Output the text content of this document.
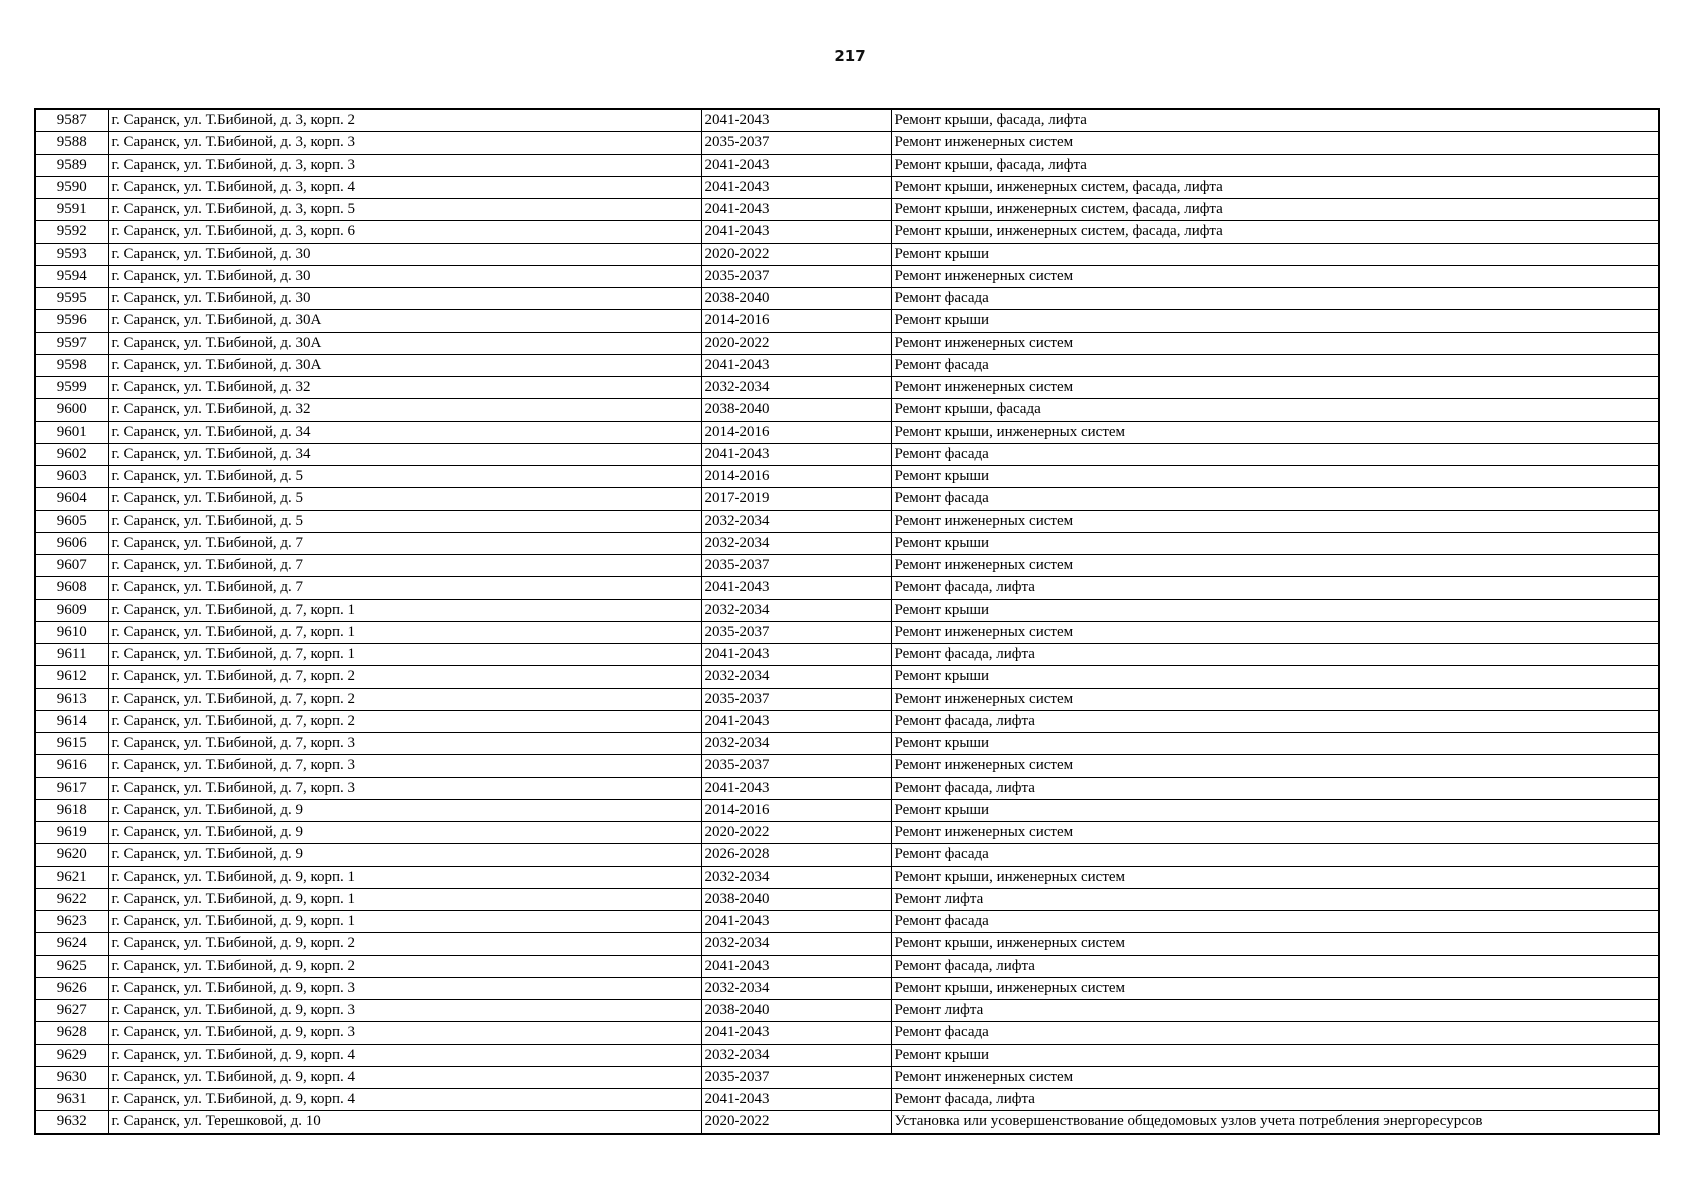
217
9587	г. Саранск, ул. Т.Бибиной, д. 3, корп. 2	2041-2043	Ремонт крыши, фасада, лифта
9588	г. Саранск, ул. Т.Бибиной, д. 3, корп. 3	2035-2037	Ремонт инженерных систем
9589	г. Саранск, ул. Т.Бибиной, д. 3, корп. 3	2041-2043	Ремонт крыши, фасада, лифта
9590	г. Саранск, ул. Т.Бибиной, д. 3, корп. 4	2041-2043	Ремонт крыши, инженерных систем, фасада, лифта
9591	г. Саранск, ул. Т.Бибиной, д. 3, корп. 5	2041-2043	Ремонт крыши, инженерных систем, фасада, лифта
9592	г. Саранск, ул. Т.Бибиной, д. 3, корп. 6	2041-2043	Ремонт крыши, инженерных систем, фасада, лифта
9593	г. Саранск, ул. Т.Бибиной, д. 30	2020-2022	Ремонт крыши
9594	г. Саранск, ул. Т.Бибиной, д. 30	2035-2037	Ремонт инженерных систем
9595	г. Саранск, ул. Т.Бибиной, д. 30	2038-2040	Ремонт фасада
9596	г. Саранск, ул. Т.Бибиной, д. 30А	2014-2016	Ремонт крыши
9597	г. Саранск, ул. Т.Бибиной, д. 30А	2020-2022	Ремонт инженерных систем
9598	г. Саранск, ул. Т.Бибиной, д. 30А	2041-2043	Ремонт фасада
9599	г. Саранск, ул. Т.Бибиной, д. 32	2032-2034	Ремонт инженерных систем
9600	г. Саранск, ул. Т.Бибиной, д. 32	2038-2040	Ремонт крыши, фасада
9601	г. Саранск, ул. Т.Бибиной, д. 34	2014-2016	Ремонт крыши, инженерных систем
9602	г. Саранск, ул. Т.Бибиной, д. 34	2041-2043	Ремонт фасада
9603	г. Саранск, ул. Т.Бибиной, д. 5	2014-2016	Ремонт крыши
9604	г. Саранск, ул. Т.Бибиной, д. 5	2017-2019	Ремонт фасада
9605	г. Саранск, ул. Т.Бибиной, д. 5	2032-2034	Ремонт инженерных систем
9606	г. Саранск, ул. Т.Бибиной, д. 7	2032-2034	Ремонт крыши
9607	г. Саранск, ул. Т.Бибиной, д. 7	2035-2037	Ремонт инженерных систем
9608	г. Саранск, ул. Т.Бибиной, д. 7	2041-2043	Ремонт фасада, лифта
9609	г. Саранск, ул. Т.Бибиной, д. 7, корп. 1	2032-2034	Ремонт крыши
9610	г. Саранск, ул. Т.Бибиной, д. 7, корп. 1	2035-2037	Ремонт инженерных систем
9611	г. Саранск, ул. Т.Бибиной, д. 7, корп. 1	2041-2043	Ремонт фасада, лифта
9612	г. Саранск, ул. Т.Бибиной, д. 7, корп. 2	2032-2034	Ремонт крыши
9613	г. Саранск, ул. Т.Бибиной, д. 7, корп. 2	2035-2037	Ремонт инженерных систем
9614	г. Саранск, ул. Т.Бибиной, д. 7, корп. 2	2041-2043	Ремонт фасада, лифта
9615	г. Саранск, ул. Т.Бибиной, д. 7, корп. 3	2032-2034	Ремонт крыши
9616	г. Саранск, ул. Т.Бибиной, д. 7, корп. 3	2035-2037	Ремонт инженерных систем
9617	г. Саранск, ул. Т.Бибиной, д. 7, корп. 3	2041-2043	Ремонт фасада, лифта
9618	г. Саранск, ул. Т.Бибиной, д. 9	2014-2016	Ремонт крыши
9619	г. Саранск, ул. Т.Бибиной, д. 9	2020-2022	Ремонт инженерных систем
9620	г. Саранск, ул. Т.Бибиной, д. 9	2026-2028	Ремонт фасада
9621	г. Саранск, ул. Т.Бибиной, д. 9, корп. 1	2032-2034	Ремонт крыши, инженерных систем
9622	г. Саранск, ул. Т.Бибиной, д. 9, корп. 1	2038-2040	Ремонт лифта
9623	г. Саранск, ул. Т.Бибиной, д. 9, корп. 1	2041-2043	Ремонт фасада
9624	г. Саранск, ул. Т.Бибиной, д. 9, корп. 2	2032-2034	Ремонт крыши, инженерных систем
9625	г. Саранск, ул. Т.Бибиной, д. 9, корп. 2	2041-2043	Ремонт фасада, лифта
9626	г. Саранск, ул. Т.Бибиной, д. 9, корп. 3	2032-2034	Ремонт крыши, инженерных систем
9627	г. Саранск, ул. Т.Бибиной, д. 9, корп. 3	2038-2040	Ремонт лифта
9628	г. Саранск, ул. Т.Бибиной, д. 9, корп. 3	2041-2043	Ремонт фасада
9629	г. Саранск, ул. Т.Бибиной, д. 9, корп. 4	2032-2034	Ремонт крыши
9630	г. Саранск, ул. Т.Бибиной, д. 9, корп. 4	2035-2037	Ремонт инженерных систем
9631	г. Саранск, ул. Т.Бибиной, д. 9, корп. 4	2041-2043	Ремонт фасада, лифта
9632	г. Саранск, ул. Терешковой, д. 10	2020-2022	Установка или усовершенствование общедомовых узлов учета потребления энергоресурсов
